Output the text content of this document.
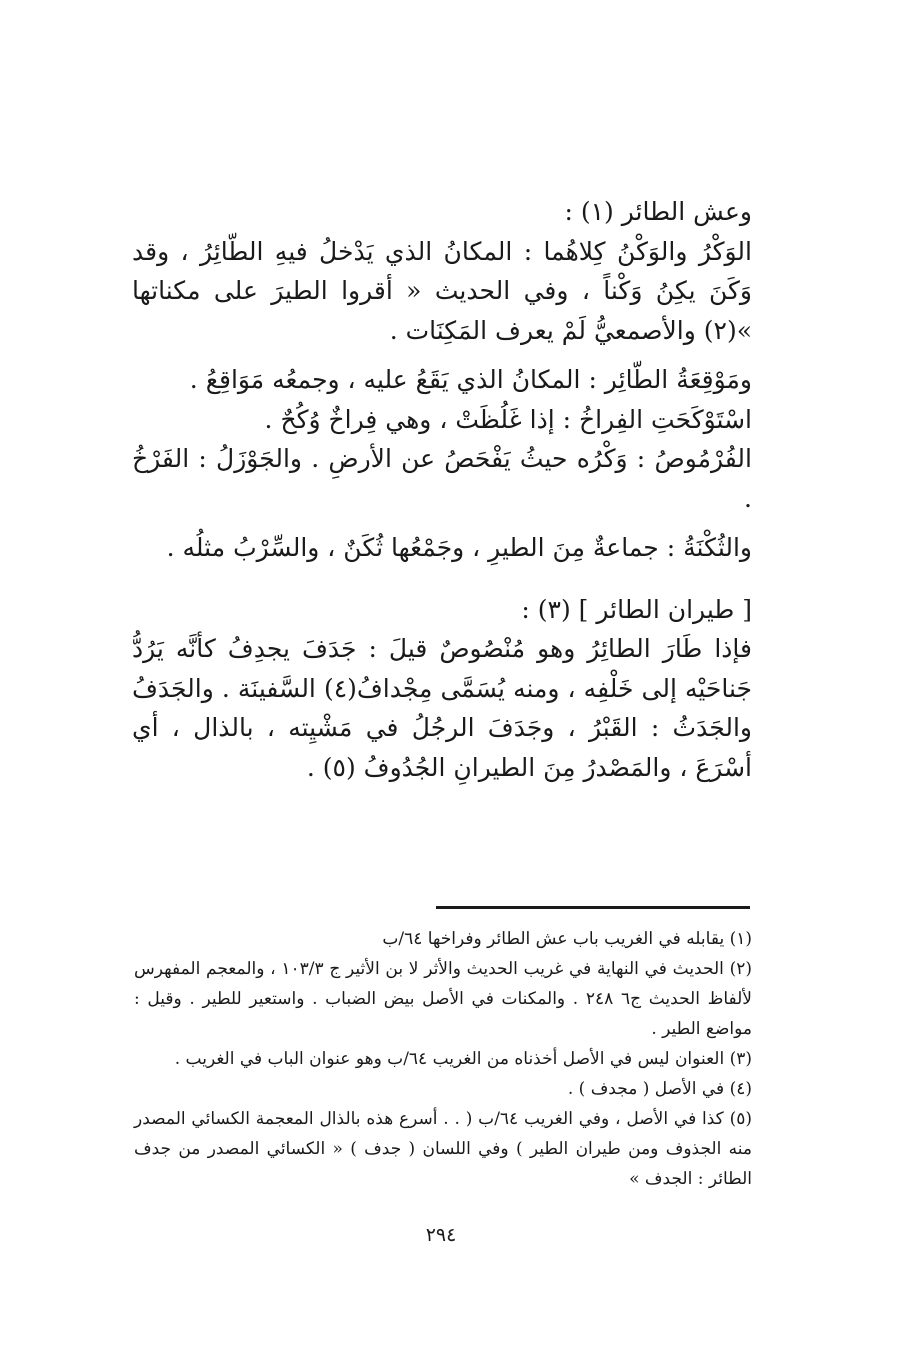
وعش الطائر (١) :

الوَكْرُ والوَكْنُ كِلاهُما : المكانُ الذي يَدْخلُ فيهِ الطّائِرُ ، وقد وَكَنَ يكِنُ وَكْناً ، وفي الحديث « أقروا الطيرَ على مكناتها »(٢) والأصمعيُّ لَمْ يعرف المَكِنَات .

ومَوْقِعَةُ الطّائِر : المكانُ الذي يَقَعُ عليه ، وجمعُه مَوَاقِعُ .

اسْتَوْكَحَتِ الفِراخُ : إذا غَلُظَتْ ، وهي فِراخٌ وُكُحٌ .

الفُرْمُوصُ : وَكْرُه حيثُ يَفْحَصُ عن الأرضِ . والجَوْزَلُ : الفَرْخُ .

والثُكْنَةُ : جماعةٌ مِنَ الطيرِ ، وجَمْعُها ثُكَنٌ ، والسِّرْبُ مثلُه .

[ طيران الطائر ] (٣) :

فإذا طَارَ الطائِرُ وهو مُنْصُوصٌ قيلَ : جَدَفَ يجدِفُ كأنَّه يَرُدُّ جَناحَيْه إلى خَلْفِه ، ومنه يُسَمَّى مِجْدافُ(٤) السَّفينَة . والجَدَفُ والجَدَثُ : القَبْرُ ، وجَدَفَ الرجُلُ في مَشْيِته ، بالذال ، أي أسْرَعَ ، والمَصْدرُ مِنَ الطيرانِ الجُدُوفُ (٥) .

(١) يقابله في الغريب باب عش الطائر وفراخها ٦٤/ب

(٢) الحديث في النهاية في غريب الحديث والأثر لا بن الأثير ج ١٠٣/٣ ، والمعجم المفهرس لألفاظ الحديث ج٦ ٢٤٨ . والمكنات في الأصل بيض الضباب . واستعير للطير . وقيل : مواضع الطير .

(٣) العنوان ليس في الأصل أخذناه من الغريب ٦٤/ب وهو عنوان الباب في الغريب .

(٤) في الأصل ( مجدف ) .

(٥) كذا في الأصل ، وفي الغريب ٦٤/ب ( . . أسرع هذه بالذال المعجمة الكسائي المصدر منه الجذوف ومن طيران الطير ) وفي اللسان ( جدف ) « الكسائي المصدر من جدف الطائر : الجدف »

٢٩٤
